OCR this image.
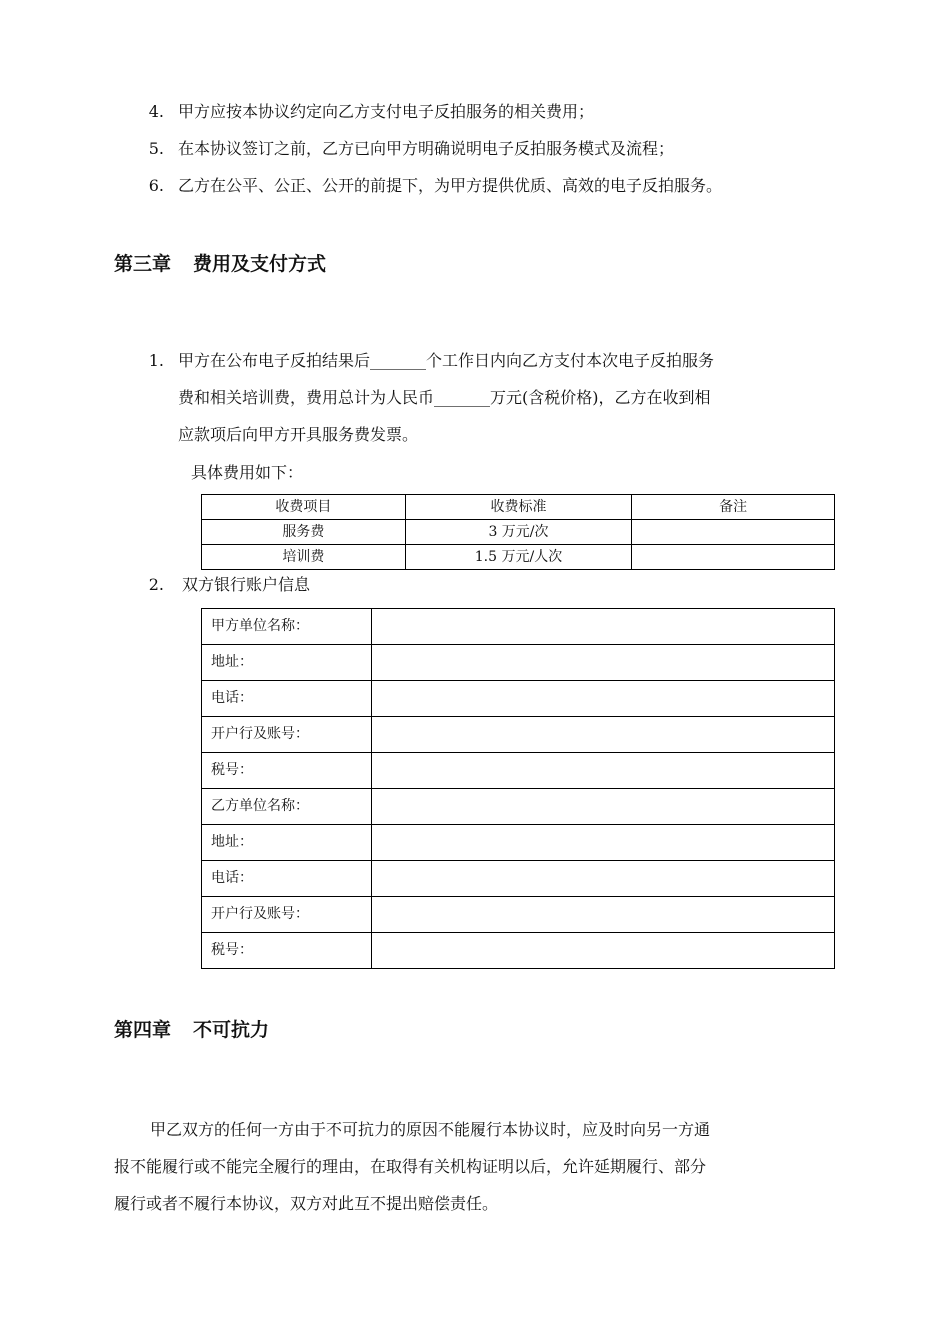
4. 甲方应按本协议约定向乙方支付电子反拍服务的相关费用；
5. 在本协议签订之前，乙方已向甲方明确说明电子反拍服务模式及流程；
6. 乙方在公平、公正、公开的前提下，为甲方提供优质、高效的电子反拍服务。
第三章 费用及支付方式
1. 甲方在公布电子反拍结果后_______个工作日内向乙方支付本次电子反拍服务
费和相关培训费，费用总计为人民币_______万元(含税价格)，乙方在收到相
应款项后向甲方开具服务费发票。
具体费用如下：
收费项目	收费标准	备注
服务费	3 万元/次	
培训费	1.5 万元/人次	
2. 双方银行账户信息
甲方单位名称：	
地址：	
电话：	
开户行及账号：	
税号：	
乙方单位名称：	
地址：	
电话：	
开户行及账号：	
税号：	
第四章 不可抗力
甲乙双方的任何一方由于不可抗力的原因不能履行本协议时，应及时向另一方通
报不能履行或不能完全履行的理由，在取得有关机构证明以后，允许延期履行、部分
履行或者不履行本协议，双方对此互不提出赔偿责任。
